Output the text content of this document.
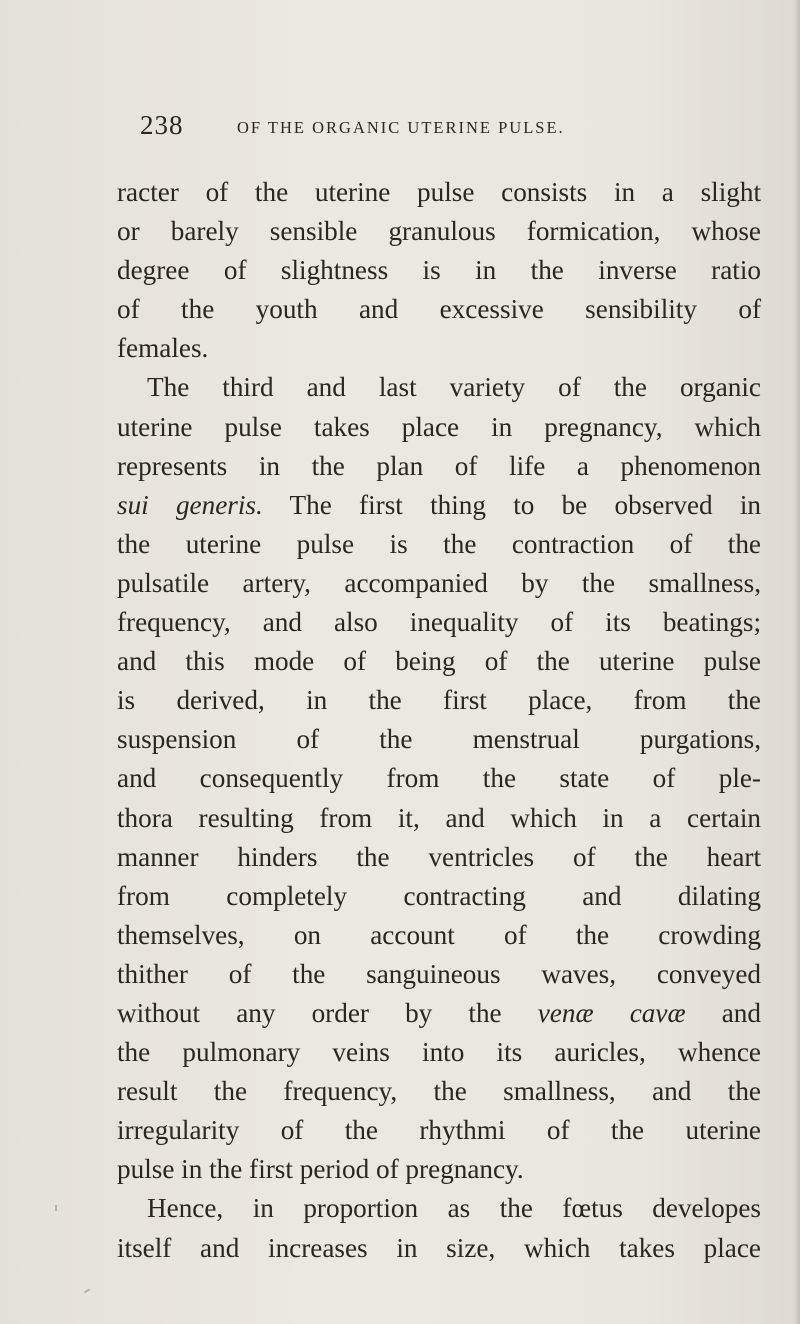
238	OF THE ORGANIC UTERINE PULSE.
racter of the uterine pulse consists in a slight
or barely sensible granulous formication, whose
degree of slightness is in the inverse ratio
of the youth and excessive sensibility of
females.
The third and last variety of the organic
uterine pulse takes place in pregnancy, which
represents in the plan of life a phenomenon
sui generis. The first thing to be observed in
the uterine pulse is the contraction of the
pulsatile artery, accompanied by the smallness,
frequency, and also inequality of its beatings;
and this mode of being of the uterine pulse
is derived, in the first place, from the
suspension of the menstrual purgations,
and consequently from the state of ple-
thora resulting from it, and which in a certain
manner hinders the ventricles of the heart
from completely contracting and dilating
themselves, on account of the crowding
thither of the sanguineous waves, conveyed
without any order by the venæ cavæ and
the pulmonary veins into its auricles, whence
result the frequency, the smallness, and the
irregularity of the rhythmi of the uterine
pulse in the first period of pregnancy.
Hence, in proportion as the fœtus developes
itself and increases in size, which takes place
